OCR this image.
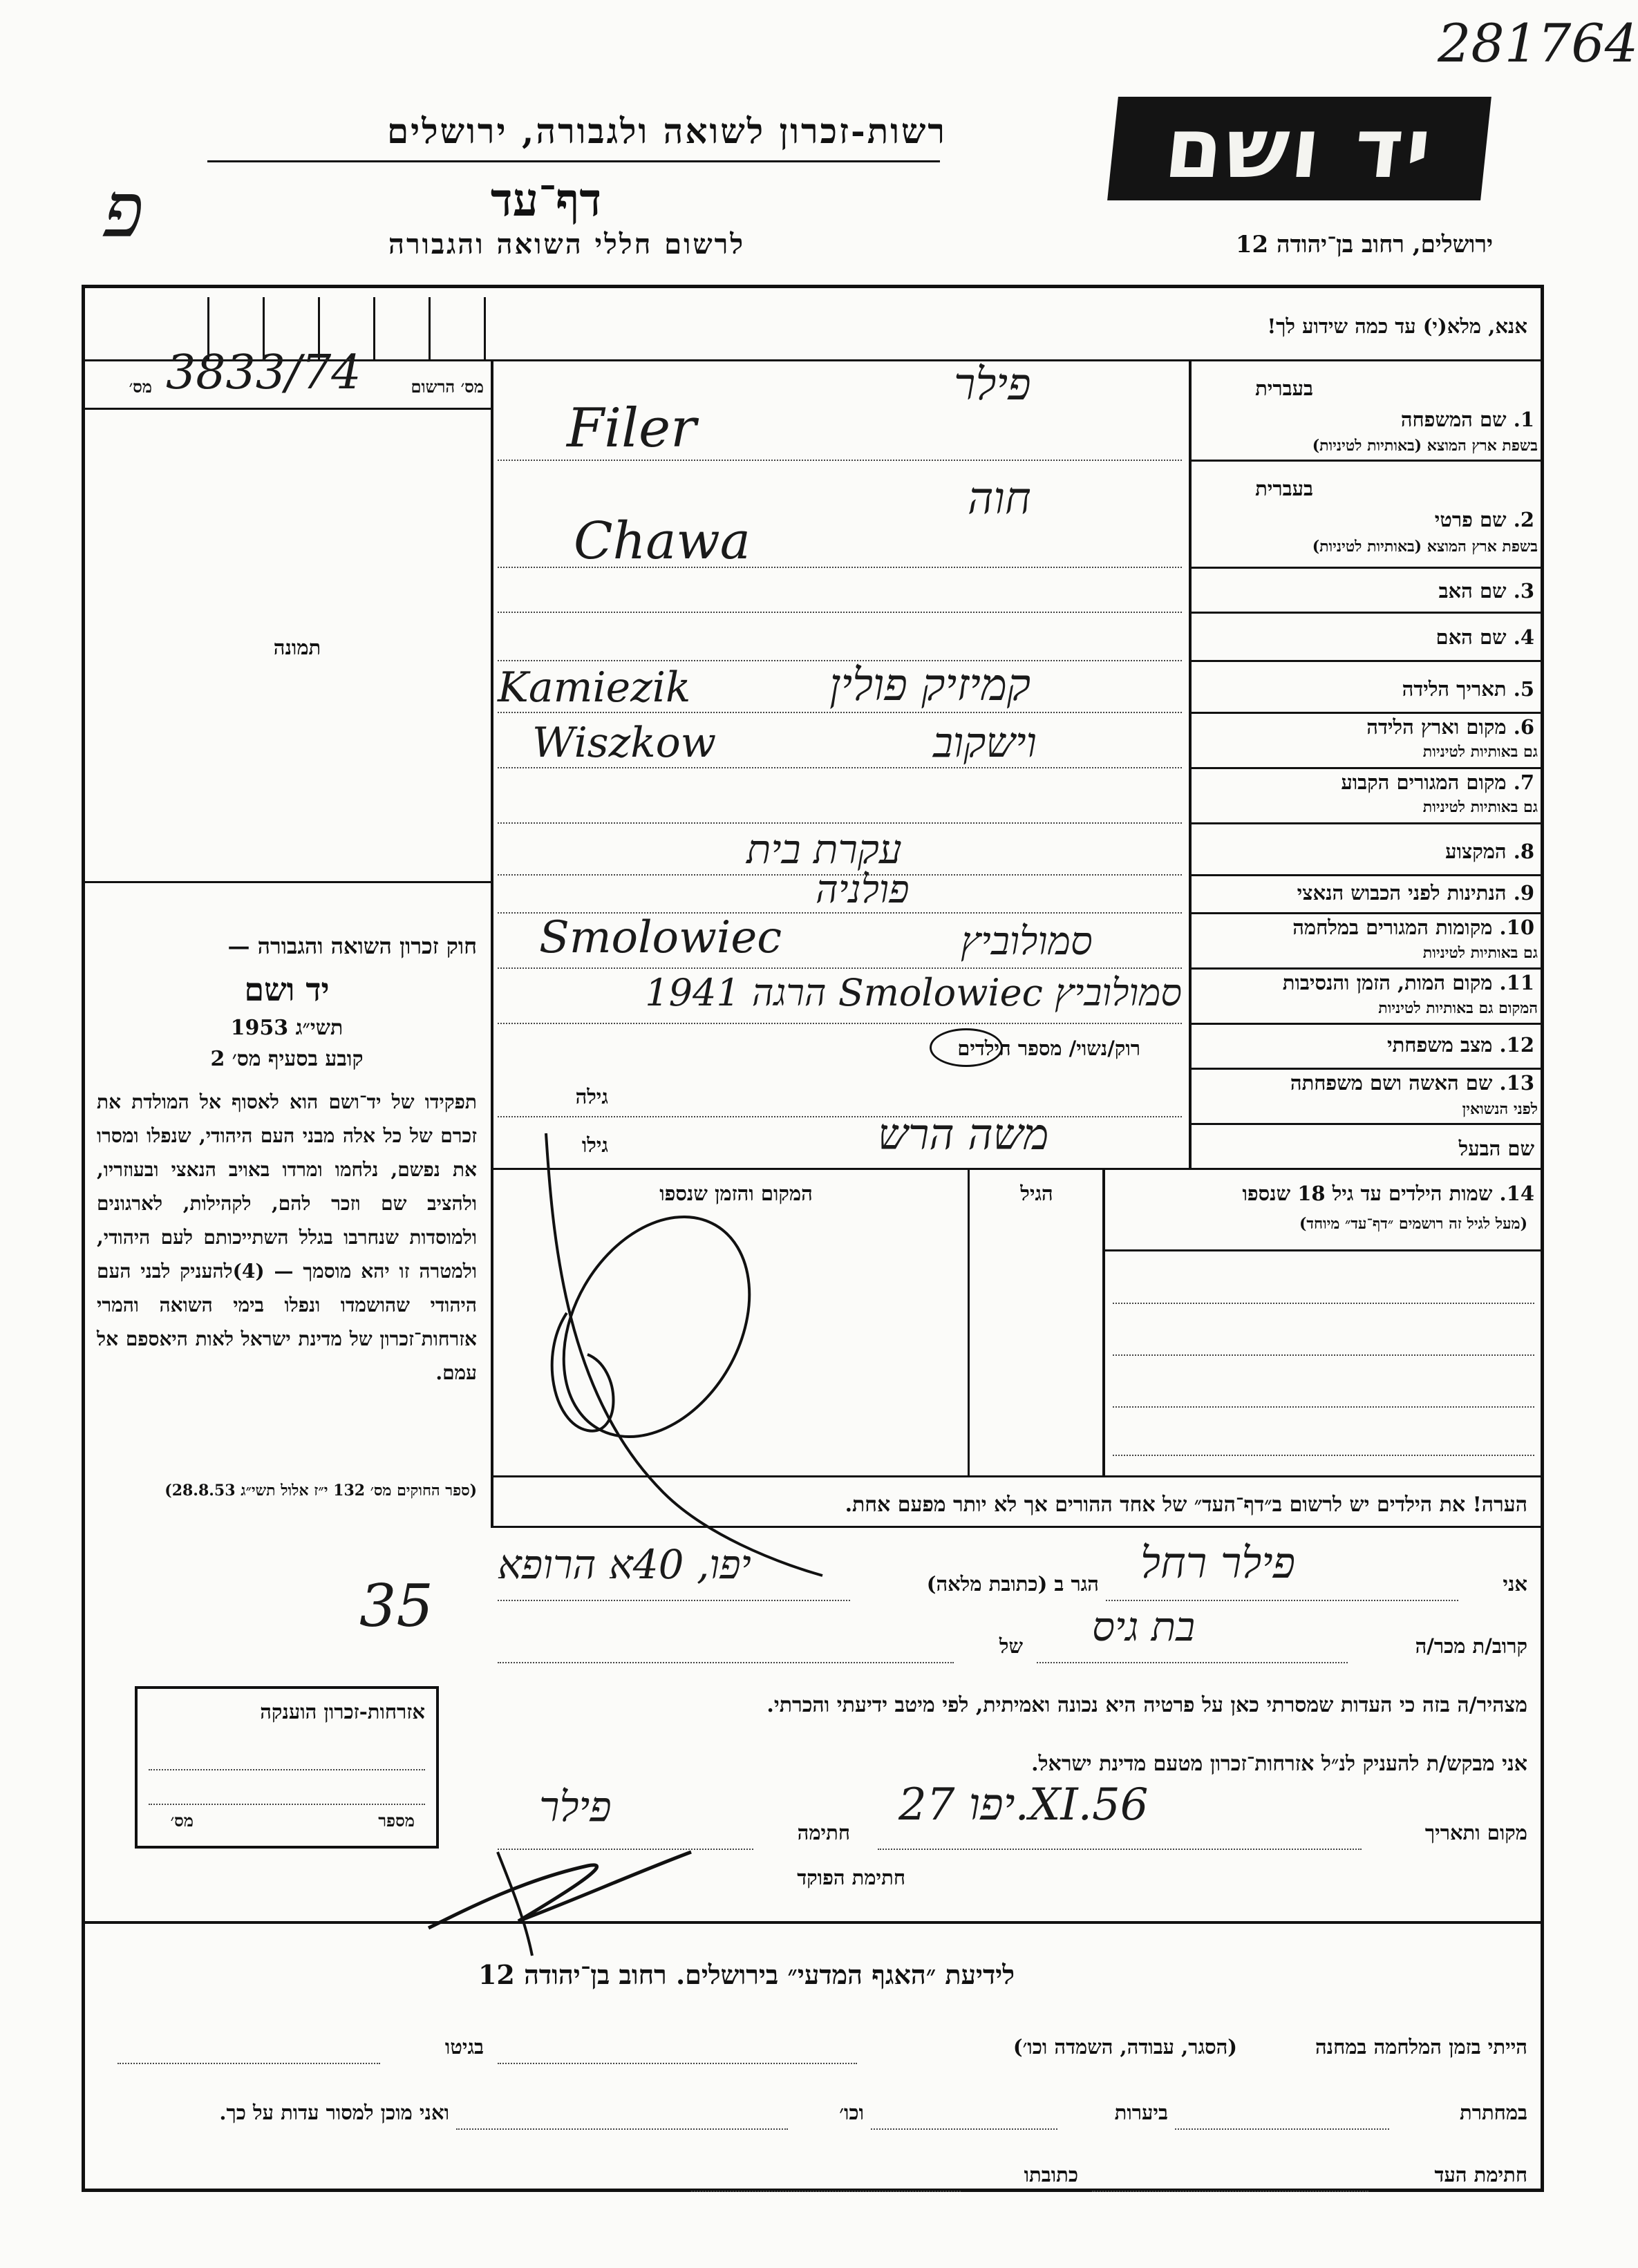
281764
רשות-זכרון לשואה ולגבורה, ירושלים
דף־עד
לרשום חללי השואה והגבורה
יד ושם
ירושלים, רחוב בן־יהודה 12
פ
אנא, מלא(י) עד כמה שידוע לך!
3833/74	מס׳ הרשום
מס׳
תמונה
חוק זכרון השואה והגבורה —
יד ושם
תשי״ג 1953
קובע בסעיף מס׳ 2
תפקידו של יד־ושם הוא לאסוף אל המולדת את זכרם של כל אלה מבני העם היהודי, שנפלו ומסרו את נפשם, נלחמו ומרדו באויב הנאצי ובעוזריו, ולהציב שם וזכר להם, לקהילות, לארגונים ולמוסדות שנחרבו בגלל השתייכותם לעם היהודי, ולמטרה זו יהא מוסמך — (4)להעניק לבני העם היהודי שהושמדו ונפלו בימי השואה והמרי אזרחות־זכרון של מדינת ישראל לאות היאספם אל עמם.
(ספר החוקים מס׳ 132 י״ז אלול תשי״ג 28.8.53)
בעברית
1. שם המשפחה
בשפת ארץ המוצא (באותיות לטיניות)
פילר
Filer
בעברית
2. שם פרטי
בשפת ארץ המוצא (באותיות לטיניות)
חוה
Chawa
3. שם האב
4. שם האם
5. תאריך הלידה
קמיזיק פולין
Kamiezik
6. מקום וארץ הלידה
גם באותיות לטיניות
וישקוב
Wiszkow
7. מקום המגורים הקבוע
גם באותיות לטיניות
8. המקצוע
עקרת בית
9. הנתינות לפני הכבוש הנאצי
פולניה
10. מקומות המגורים במלחמה
גם באותיות לטיניות
סמולוביץ
Smolowiec
11. מקום המות, הזמן והנסיבות
המקום גם באותיות לטיניות
סמולוביץ Smolowiec הרגה 1941
12. מצב משפחתי
רוק/נשוי/ מספר הילדים
13. שם האשה ושם משפחתה
לפני הנשואין
גילה
שם הבעל
משה הרש
גילו
14. שמות הילדים עד גיל 18 שנספו
(מעל לגיל זה רושמים ״דף־עד״ מיוחד)
הגיל
המקום והזמן שנספו
הערה! את הילדים יש לרשום ב״דף־העד״ של אחד ההורים אך לא יותר מפעם אחת.
אני
פילר רחל
הגר ב (כתובת מלאה)
יפו, 40א הרופא
35
קרוב/ת מכר/ה
בת גיס
של
מצהיר/ה בזה כי העדות שמסרתי כאן על פרטיה היא נכונה ואמיתית, לפי מיטב ידיעתי והכרתי.
אני מבקש/ת להעניק לנ״ל אזרחות־זכרון מטעם מדינת ישראל.
מקום ותאריך
יפו 27.XI.56
חתימה
פילר
חתימת הפוקד
אזרחות-זכרון הוענקה
מספר
מס׳
לידיעת ״האגף המדעי״ בירושלים. רחוב בן־יהודה 12
הייתי בזמן המלחמה במחנה
(הסגר, עבודה, השמדה וכו׳)
בגיטו
במחתרת
ביערות
וכו׳
ואני מוכן למסור עדות על כך.
חתימת העד
כתובתו
